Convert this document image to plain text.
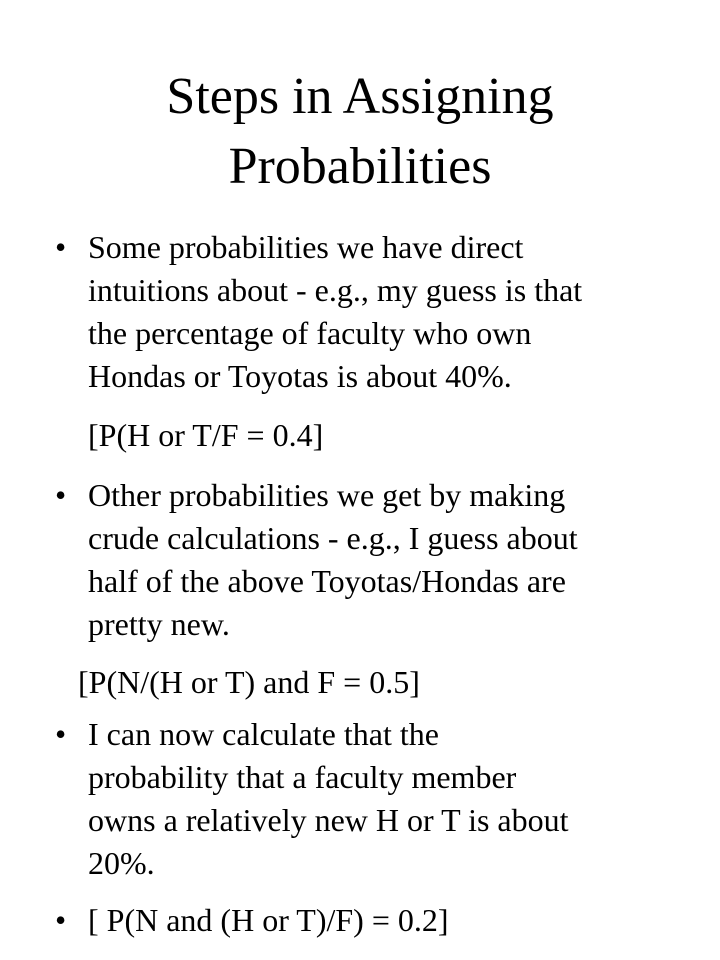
Steps in Assigning
Probabilities
• Some probabilities we have direct
intuitions about - e.g., my guess is that
the percentage of faculty who own
Hondas or Toyotas is about 40%.
[P(H or T/F = 0.4]
• Other probabilities we get by making
crude calculations - e.g., I guess about
half of the above Toyotas/Hondas are
pretty new.
[P(N/(H or T) and F = 0.5]
• I can now calculate that the
probability that a faculty member
owns a relatively new H or T is about
20%.
• [ P(N and (H or T)/F) = 0.2]
